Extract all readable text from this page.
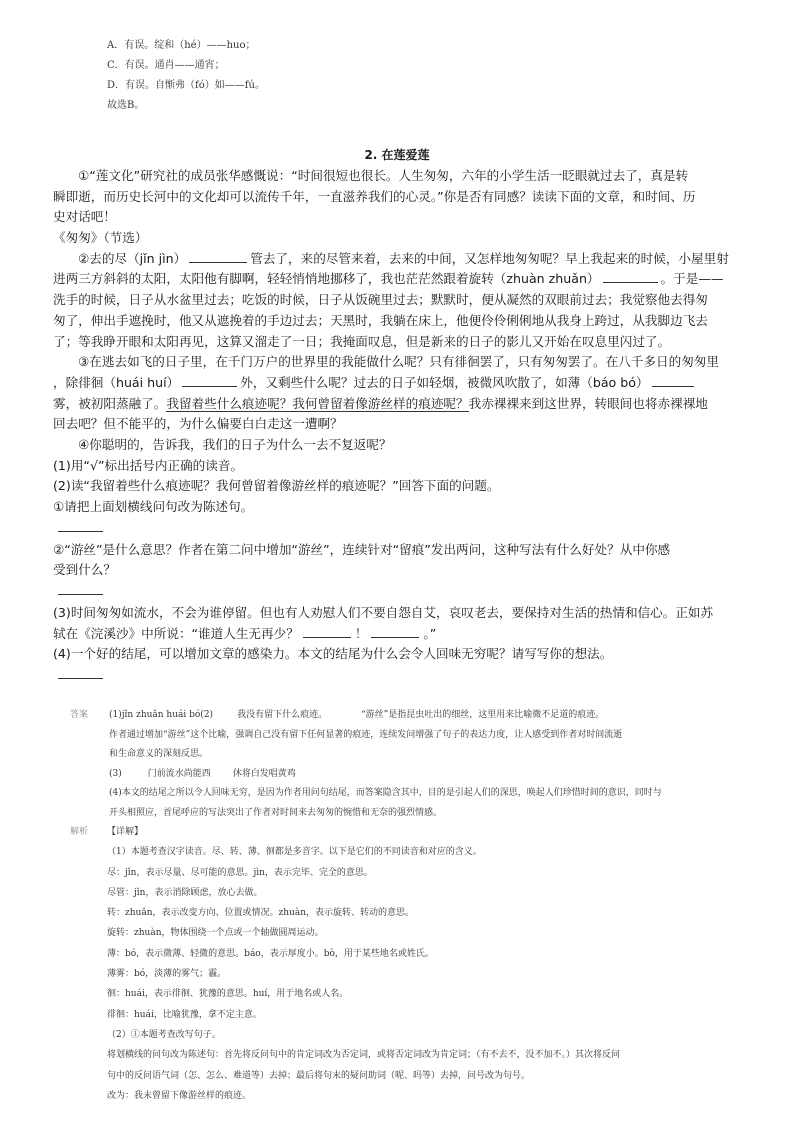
A．有误。绽和（hé）——huo；
C．有误。通肖——通宵；
D．有误。自惭弗（fó）如——fú。
故选B。
2. 在莲爱莲
①“莲文化”研究社的成员张华感慨说：“时间很短也很长。人生匆匆，六年的小学生活一眨眼就过去了，真是转
瞬即逝，而历史长河中的文化却可以流传千年，一直滋养我们的心灵。”你是否有同感？读读下面的文章，和时间、历
史对话吧！
《匆匆》（节选）
②去的尽（jǐn jìn）	管去了，来的尽管来着，去来的中间，又怎样地匆匆呢？早上我起来的时候，小屋里射
进两三方斜斜的太阳，太阳他有脚啊，轻轻悄悄地挪移了，我也茫茫然跟着旋转（zhuàn zhuǎn）	。于是——
洗手的时候，日子从水盆里过去；吃饭的时候，日子从饭碗里过去；默默时，便从凝然的双眼前过去；我觉察他去得匆
匆了，伸出手遮挽时，他又从遮挽着的手边过去；天黑时，我躺在床上，他便伶伶俐俐地从我身上跨过，从我脚边飞去
了；等我睁开眼和太阳再见，这算又溜走了一日；我掩面叹息，但是新来的日子的影儿又开始在叹息里闪过了。
③在逃去如飞的日子里，在千门万户的世界里的我能做什么呢？只有徘徊罢了，只有匆匆罢了。在八千多日的匆匆里
，除徘徊（huái huí）	外，又剩些什么呢？过去的日子如轻烟，被微风吹散了，如薄（báo bó）
雾，被初阳蒸融了。我留着些什么痕迹呢？我何曾留着像游丝样的痕迹呢？我赤裸裸来到这世界，转眼间也将赤裸裸地
回去吧？但不能平的，为什么偏要白白走这一遭啊？
④你聪明的，告诉我，我们的日子为什么一去不复返呢？
(1)用“√”标出括号内正确的读音。
(2)读“我留着些什么痕迹呢？我何曾留着像游丝样的痕迹呢？”回答下面的问题。
①请把上面划横线问句改为陈述句。
②“游丝”是什么意思？作者在第二问中增加“游丝”，连续针对“留痕”发出两问，这种写法有什么好处？从中你感
受到什么？
(3)时间匆匆如流水，不会为谁停留。但也有人劝慰人们不要自怨自艾，哀叹老去，要保持对生活的热情和信心。正如苏
轼在《浣溪沙》中所说：“谁道人生无再少？	！	。”
(4)一个好的结尾，可以增加文章的感染力。本文的结尾为什么会令人回味无穷呢？请写写你的想法。
答案 (1)jǐn zhuǎn huái bó(2)	我没有留下什么痕迹。	“游丝”是指昆虫吐出的细丝，这里用来比喻微不足道的痕迹。
作者通过增加“游丝”这个比喻，强调自己没有留下任何显著的痕迹，连续发问增强了句子的表达力度，让人感受到作者对时间流逝
和生命意义的深刻反思。
(3)	门前流水尚能西 休将白发唱黄鸡
(4)本文的结尾之所以令人回味无穷，是因为作者用问句结尾，而答案隐含其中，目的是引起人们的深思，唤起人们珍惜时间的意识，同时与
开头相照应，首尾呼应的写法突出了作者对时间来去匆匆的惋惜和无奈的强烈情感。
解析 【详解】
（1）本题考查汉字读音。尽、转、薄、徊都是多音字。以下是它们的不同读音和对应的含义。
尽：jǐn，表示尽量、尽可能的意思。jìn，表示完毕、完全的意思。
尽管：jǐn，表示消除顾虑，放心去做。
转：zhuǎn，表示改变方向、位置或情况。zhuàn，表示旋转、转动的意思。
旋转：zhuàn，物体围绕一个点或一个轴做圆周运动。
薄：bó，表示微薄、轻微的意思。báo，表示厚度小。bò，用于某些地名或姓氏。
薄雾：bó，淡薄的雾气；霾。
徊：huái，表示徘徊、犹豫的意思。huí，用于地名或人名。
徘徊：huái，比喻犹豫，拿不定主意。
（2）①本题考查改写句子。
将划横线的问句改为陈述句：首先将反问句中的肯定词改为否定词，或将否定词改为肯定词；（有不去不，没不加不。）其次将反问
句中的反问语气词（怎、怎么、难道等）去掉；最后将句末的疑问助词（呢、吗等）去掉，问号改为句号。
改为：我未曾留下像游丝样的痕迹。
